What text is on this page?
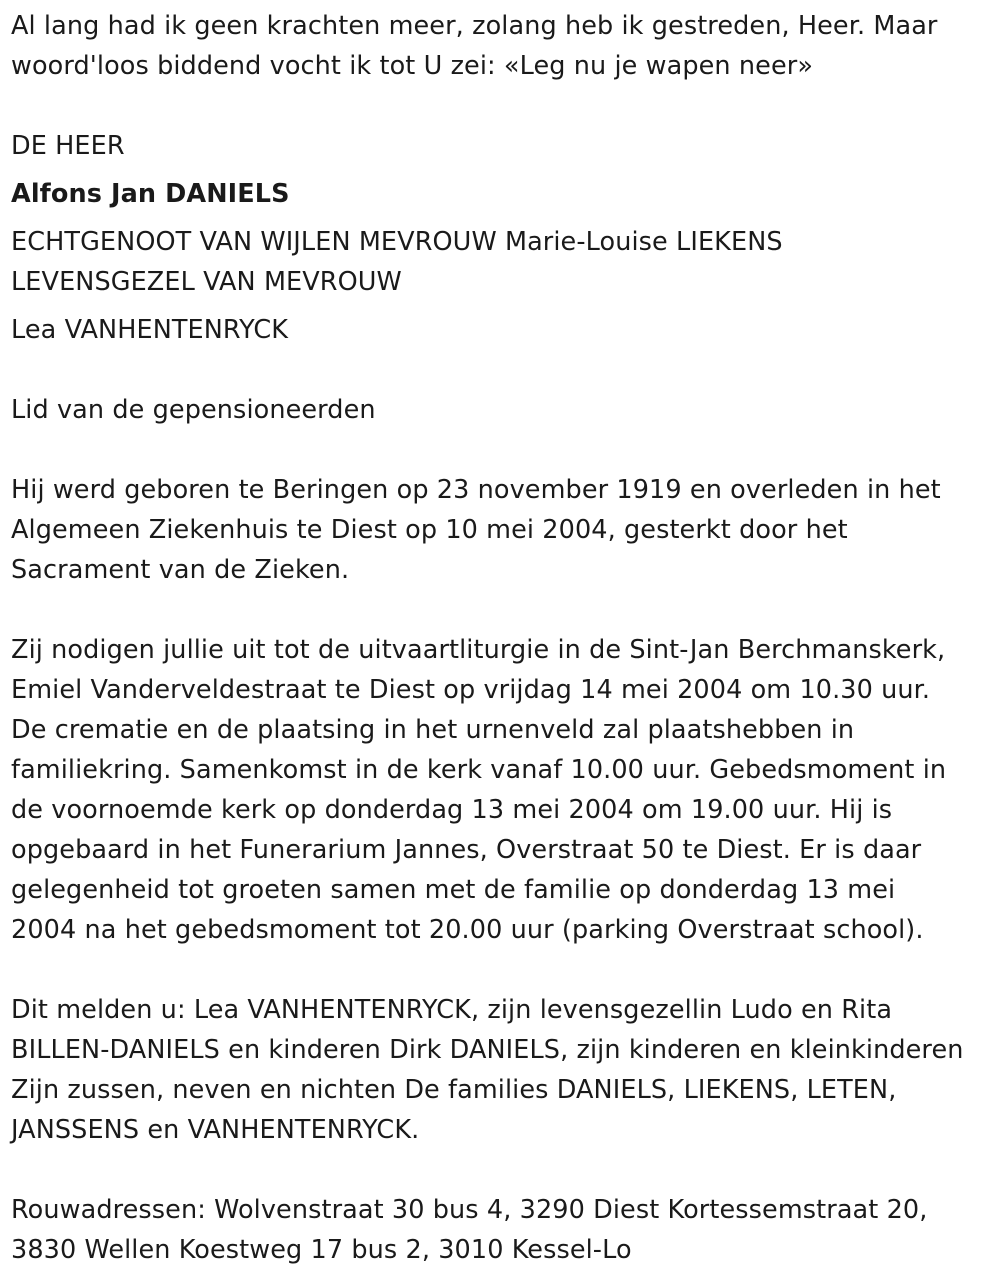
Al lang had ik geen krachten meer, zolang heb ik gestreden, Heer. Maar

woord'loos biddend vocht ik tot U zei: «Leg nu je wapen neer»

DE HEER

Alfons Jan DANIELS

ECHTGENOOT VAN WIJLEN MEVROUW Marie-Louise LIEKENS

LEVENSGEZEL VAN MEVROUW

Lea VANHENTENRYCK

Lid van de gepensioneerden

Hij werd geboren te Beringen op 23 november 1919 en overleden in het

Algemeen Ziekenhuis te Diest op 10 mei 2004, gesterkt door het

Sacrament van de Zieken.

Zij nodigen jullie uit tot de uitvaartliturgie in de Sint-Jan Berchmanskerk,

Emiel Vanderveldestraat te Diest op vrijdag 14 mei 2004 om 10.30 uur.

De crematie en de plaatsing in het urnenveld zal plaatshebben in

familiekring. Samenkomst in de kerk vanaf 10.00 uur. Gebedsmoment in

de voornoemde kerk op donderdag 13 mei 2004 om 19.00 uur. Hij is

opgebaard in het Funerarium Jannes, Overstraat 50 te Diest. Er is daar

gelegenheid tot groeten samen met de familie op donderdag 13 mei

2004 na het gebedsmoment tot 20.00 uur (parking Overstraat school).

Dit melden u: Lea VANHENTENRYCK, zijn levensgezellin Ludo en Rita

BILLEN-DANIELS en kinderen Dirk DANIELS, zijn kinderen en kleinkinderen

Zijn zussen, neven en nichten De families DANIELS, LIEKENS, LETEN,

JANSSENS en VANHENTENRYCK.

Rouwadressen: Wolvenstraat 30 bus 4, 3290 Diest Kortessemstraat 20,

3830 Wellen Koestweg 17 bus 2, 3010 Kessel-Lo
